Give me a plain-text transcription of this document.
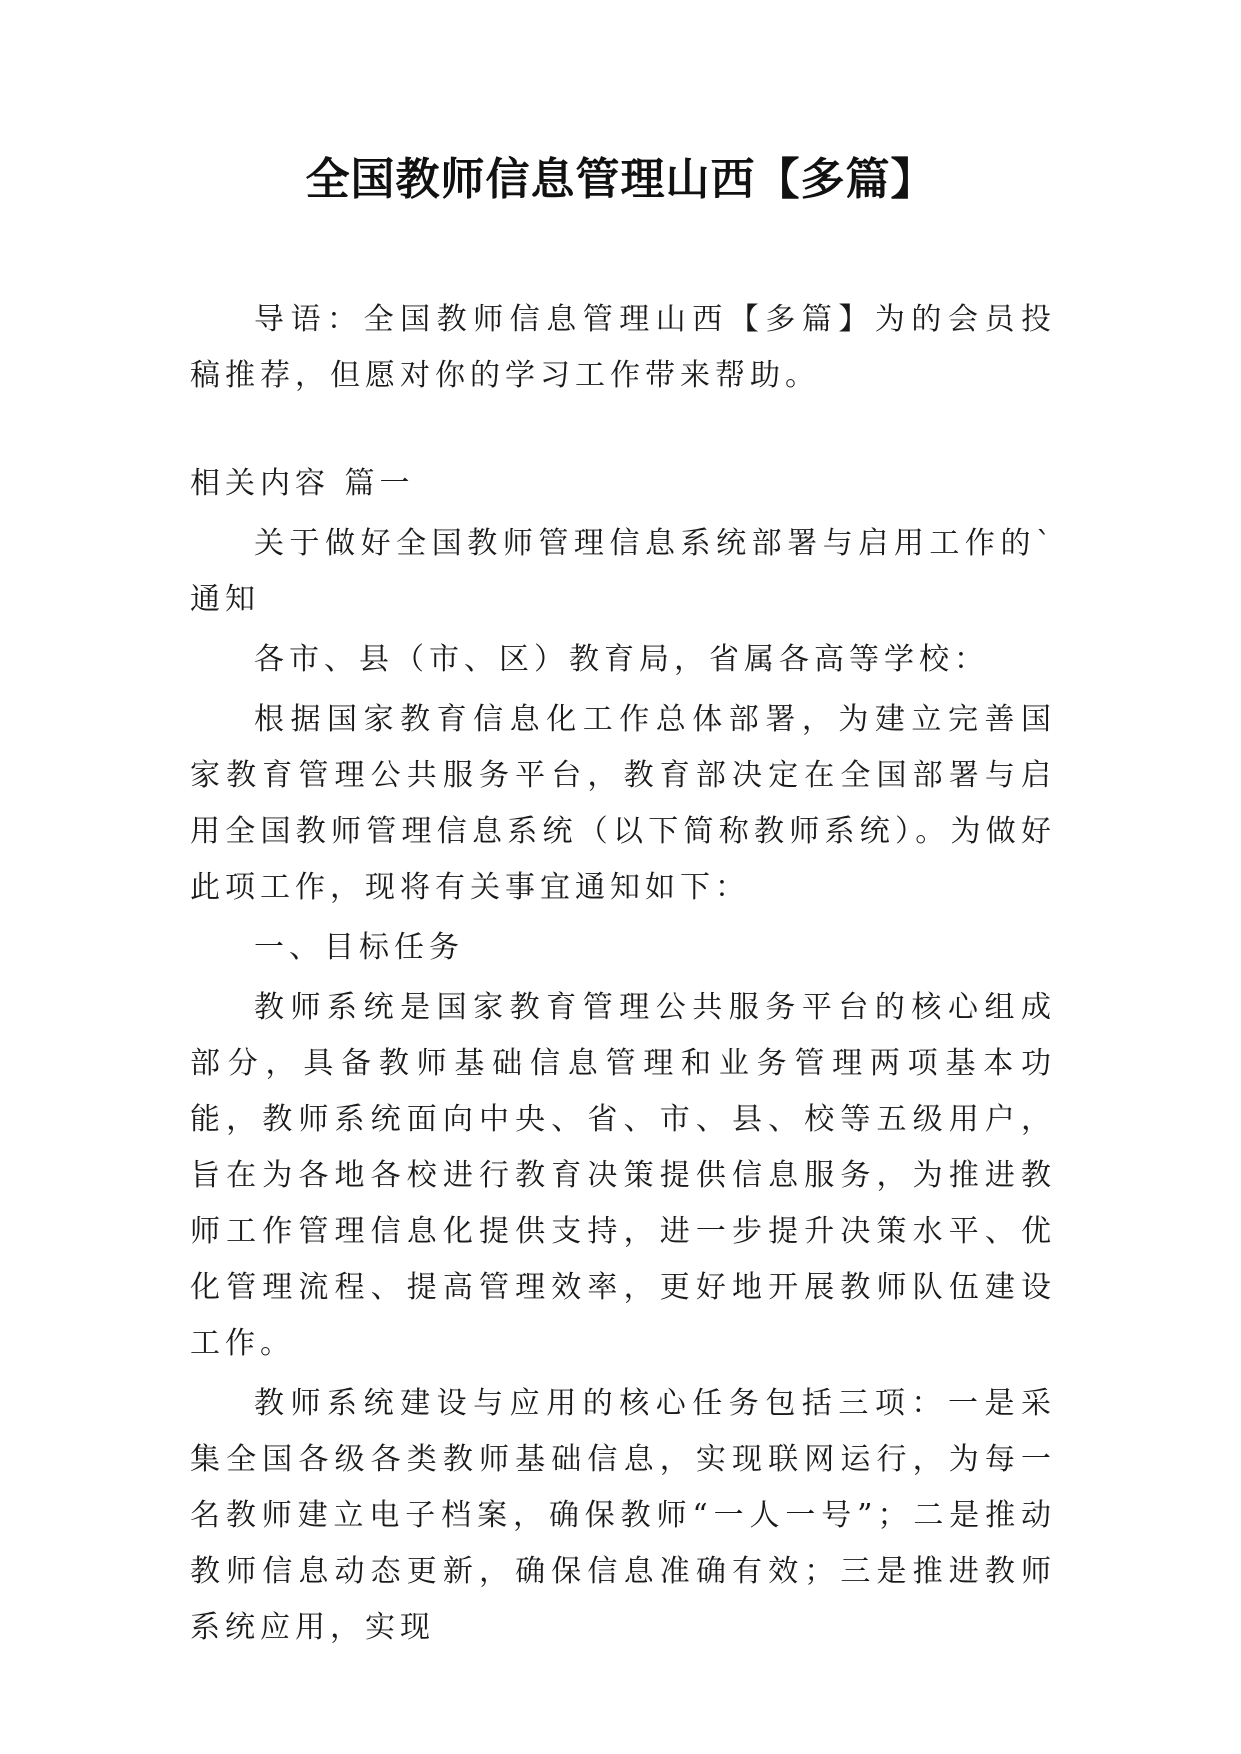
全国教师信息管理山西【多篇】

导语：全国教师信息管理山西【多篇】为的会员投稿推荐，但愿对你的学习工作带来帮助。

相关内容 篇一

关于做好全国教师管理信息系统部署与启用工作的`通知

各市、县（市、区）教育局，省属各高等学校：

根据国家教育信息化工作总体部署，为建立完善国家教育管理公共服务平台，教育部决定在全国部署与启用全国教师管理信息系统（以下简称教师系统）。为做好此项工作，现将有关事宜通知如下：

一、目标任务

教师系统是国家教育管理公共服务平台的核心组成部分，具备教师基础信息管理和业务管理两项基本功能，教师系统面向中央、省、市、县、校等五级用户，旨在为各地各校进行教育决策提供信息服务，为推进教师工作管理信息化提供支持，进一步提升决策水平、优化管理流程、提高管理效率，更好地开展教师队伍建设工作。

教师系统建设与应用的核心任务包括三项：一是采集全国各级各类教师基础信息，实现联网运行，为每一名教师建立电子档案，确保教师“一人一号”；二是推动教师信息动态更新，确保信息准确有效；三是推进教师系统应用，实现
